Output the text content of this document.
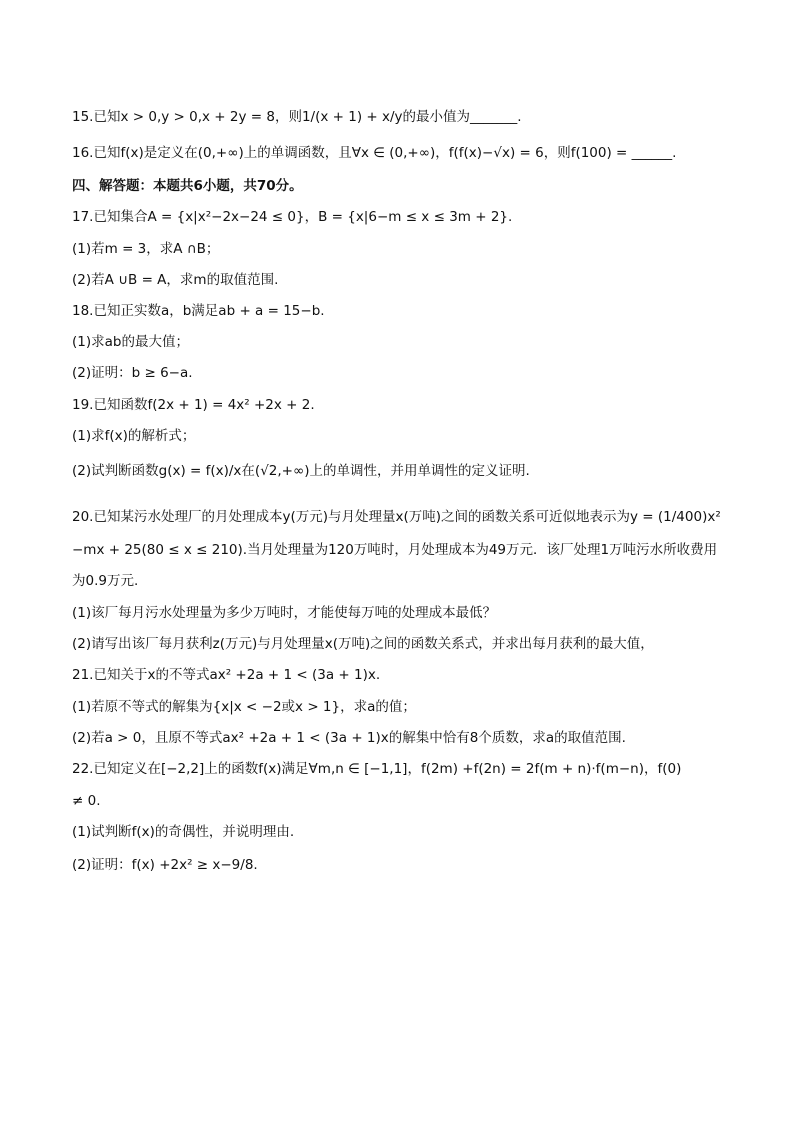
15.已知x > 0,y > 0,x + 2y = 8，则1/(x + 1) + x/y的最小值为_______.
16.已知f(x)是定义在(0,+∞)上的单调函数，且∀x ∈ (0,+∞)，f(f(x)−√x) = 6，则f(100) = ______.
四、解答题：本题共6小题，共70分。
17.已知集合A = {x|x²−2x−24 ≤ 0}，B = {x|6−m ≤ x ≤ 3m + 2}.
(1)若m = 3，求A ∩B；
(2)若A ∪B = A，求m的取值范围.
18.已知正实数a，b满足ab + a = 15−b.
(1)求ab的最大值；
(2)证明：b ≥ 6−a.
19.已知函数f(2x + 1) = 4x² +2x + 2.
(1)求f(x)的解析式；
(2)试判断函数g(x) = f(x)/x在(√2,+∞)上的单调性，并用单调性的定义证明.
20.已知某污水处理厂的月处理成本y(万元)与月处理量x(万吨)之间的函数关系可近似地表示为y = (1/400)x²
−mx + 25(80 ≤ x ≤ 210).当月处理量为120万吨时，月处理成本为49万元．该厂处理1万吨污水所收费用
为0.9万元.
(1)该厂每月污水处理量为多少万吨时，才能使每万吨的处理成本最低？
(2)请写出该厂每月获利z(万元)与月处理量x(万吨)之间的函数关系式，并求出每月获利的最大值，
21.已知关于x的不等式ax² +2a + 1 < (3a + 1)x.
(1)若原不等式的解集为{x|x < −2或x > 1}，求a的值；
(2)若a > 0，且原不等式ax² +2a + 1 < (3a + 1)x的解集中恰有8个质数，求a的取值范围.
22.已知定义在[−2,2]上的函数f(x)满足∀m,n ∈ [−1,1]，f(2m) +f(2n) = 2f(m + n)⋅f(m−n)，f(0)
≠ 0.
(1)试判断f(x)的奇偶性，并说明理由.
(2)证明：f(x) +2x² ≥ x−9/8.
